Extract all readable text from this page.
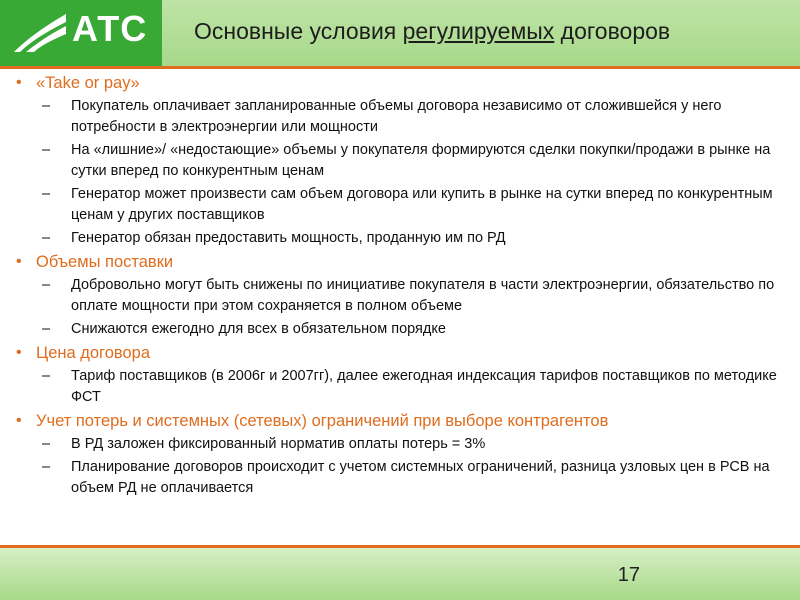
АТС Основные условия регулируемых договоров

• «Take or pay»

– Покупатель оплачивает запланированные объемы договора независимо от сложившейся у него потребности в электроэнергии или мощности

– На «лишние»/ «недостающие» объемы у покупателя формируются сделки покупки/продажи в рынке на сутки вперед по конкурентным ценам

– Генератор может произвести сам объем договора или купить в рынке на сутки вперед по конкурентным ценам у других поставщиков

– Генератор обязан предоставить мощность, проданную им по РД

• Объемы поставки

– Добровольно могут быть снижены по инициативе покупателя в части электроэнергии, обязательство по оплате мощности при этом сохраняется в полном объеме

– Снижаются ежегодно для всех в обязательном порядке

• Цена договора

– Тариф поставщиков (в 2006г и 2007гг), далее ежегодная индексация тарифов поставщиков по методике ФСТ

• Учет потерь и системных (сетевых) ограничений при выборе контрагентов

– В РД заложен фиксированный норматив оплаты потерь = 3%

– Планирование договоров происходит с учетом системных ограничений, разница узловых цен в РСВ на объем РД не оплачивается

17
